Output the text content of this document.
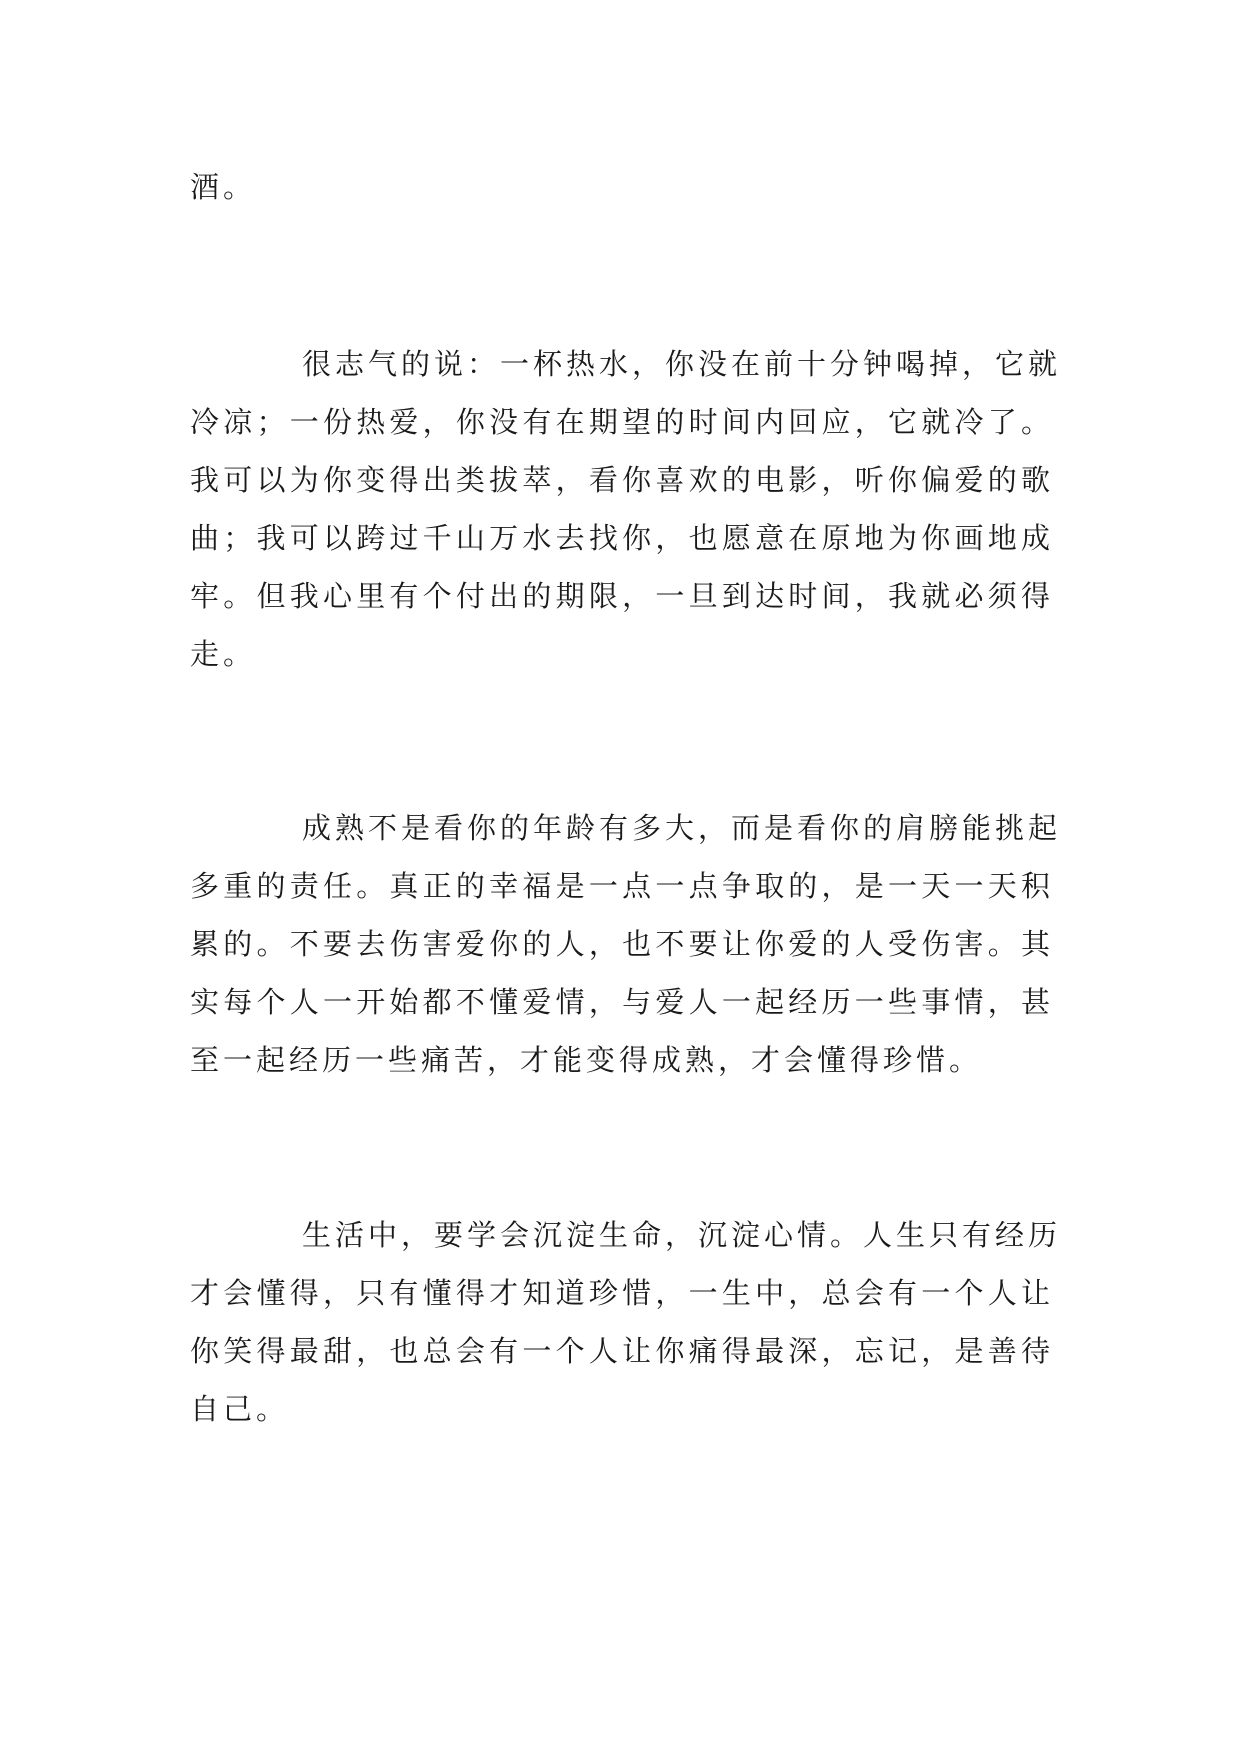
酒。

很志气的说：一杯热水，你没在前十分钟喝掉，它就
冷凉；一份热爱，你没有在期望的时间内回应，它就冷了。
我可以为你变得出类拔萃，看你喜欢的电影，听你偏爱的歌
曲；我可以跨过千山万水去找你，也愿意在原地为你画地成
牢。但我心里有个付出的期限，一旦到达时间，我就必须得
走。

成熟不是看你的年龄有多大，而是看你的肩膀能挑起
多重的责任。真正的幸福是一点一点争取的，是一天一天积
累的。不要去伤害爱你的人，也不要让你爱的人受伤害。其
实每个人一开始都不懂爱情，与爱人一起经历一些事情，甚
至一起经历一些痛苦，才能变得成熟，才会懂得珍惜。

生活中，要学会沉淀生命，沉淀心情。人生只有经历
才会懂得，只有懂得才知道珍惜，一生中，总会有一个人让
你笑得最甜，也总会有一个人让你痛得最深，忘记，是善待
自己。
